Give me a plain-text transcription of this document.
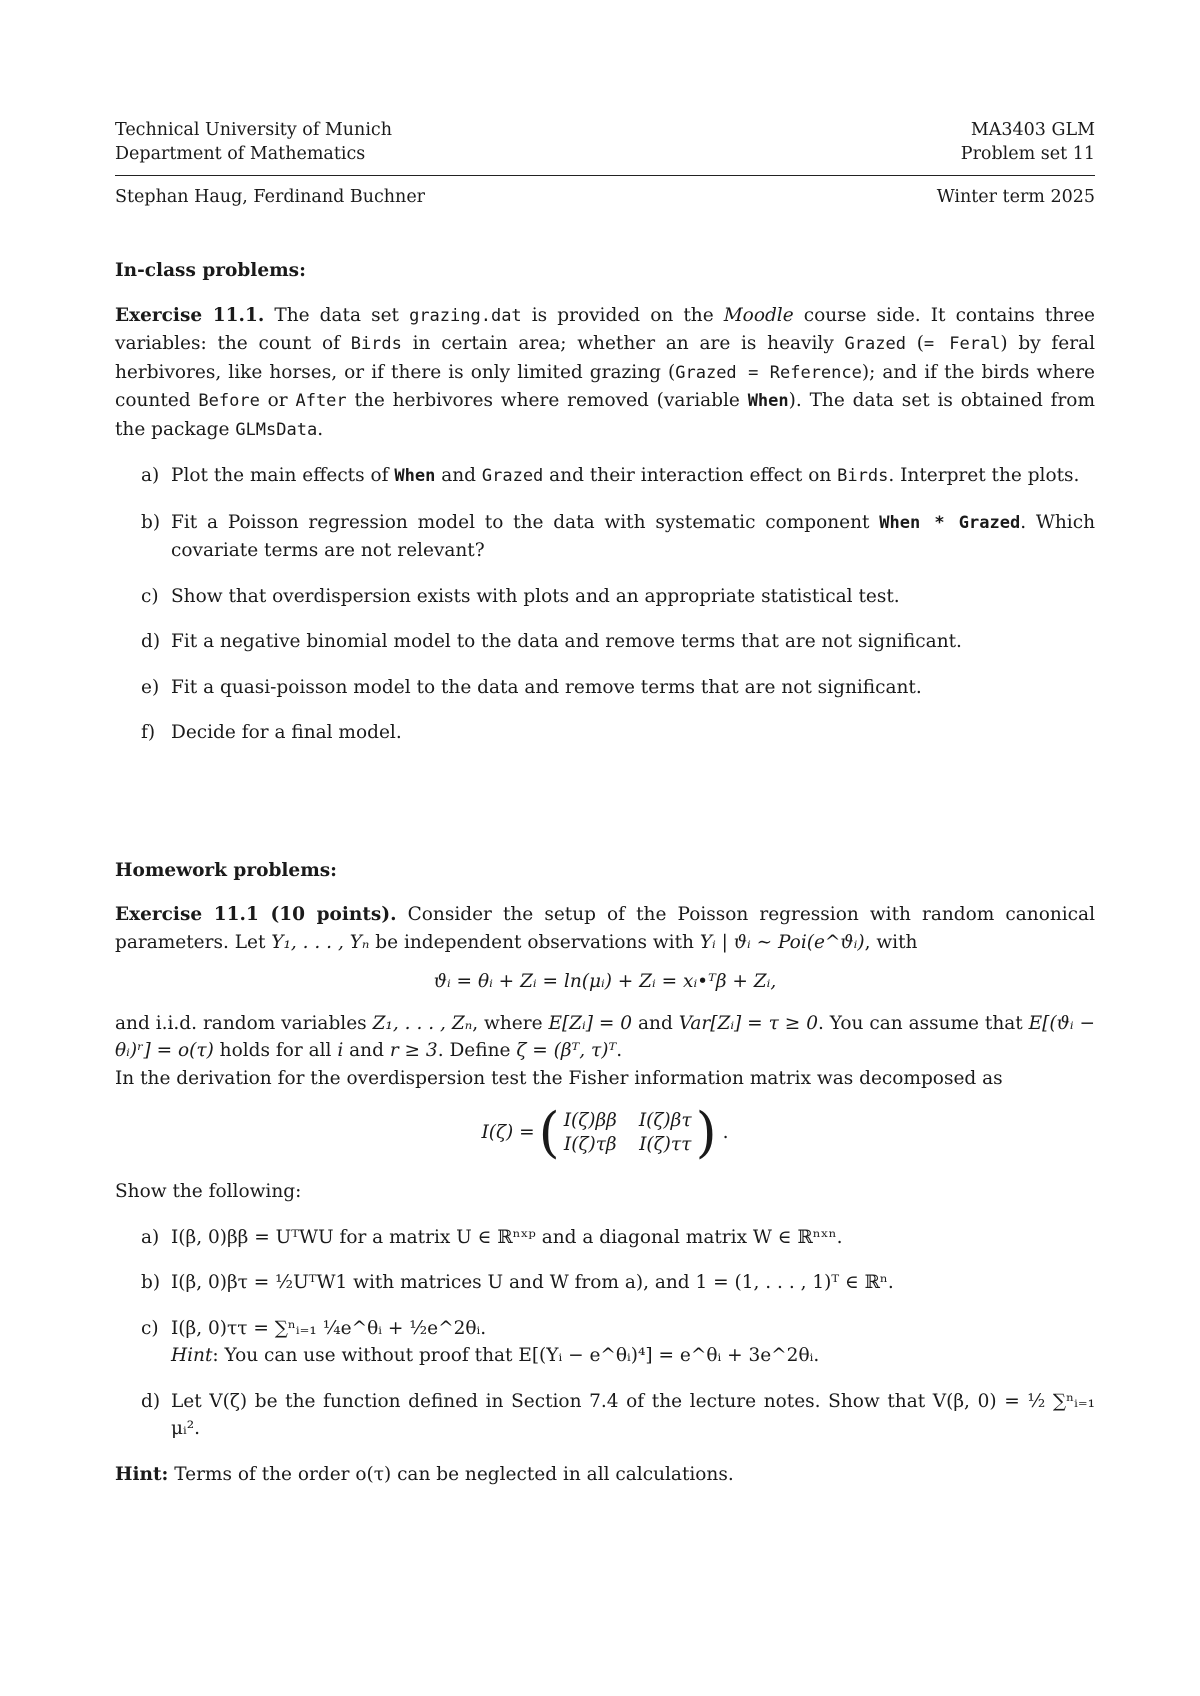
Technical University of Munich	MA3403 GLM
Department of Mathematics	Problem set 11
Stephan Haug, Ferdinand Buchner	Winter term 2025

In-class problems:

Exercise 11.1. The data set grazing.dat is provided on the Moodle course side. It contains three variables: the count of Birds in certain area; whether an are is heavily Grazed (= Feral) by feral herbivores, like horses, or if there is only limited grazing (Grazed = Reference); and if the birds where counted Before or After the herbivores where removed (variable When). The data set is obtained from the package GLMsData.

a) Plot the main effects of When and Grazed and their interaction effect on Birds. Interpret the plots.
b) Fit a Poisson regression model to the data with systematic component When * Grazed. Which covariate terms are not relevant?
c) Show that overdispersion exists with plots and an appropriate statistical test.
d) Fit a negative binomial model to the data and remove terms that are not significant.
e) Fit a quasi-poisson model to the data and remove terms that are not significant.
f) Decide for a final model.

Homework problems:

Exercise 11.1 (10 points). Consider the setup of the Poisson regression with random canonical parameters. Let Y₁, . . . , Yₙ be independent observations with Yᵢ | ϑᵢ ∼ Poi(e^ϑᵢ), with

ϑᵢ = θᵢ + Zᵢ = ln(μᵢ) + Zᵢ = xᵢ•ᵀβ + Zᵢ,

and i.i.d. random variables Z₁, . . . , Zₙ, where E[Zᵢ] = 0 and Var[Zᵢ] = τ ≥ 0. You can assume that E[(ϑᵢ − θᵢ)ʳ] = o(τ) holds for all i and r ≥ 3. Define ζ = (βᵀ, τ)ᵀ.

In the derivation for the overdispersion test the Fisher information matrix was decomposed as

I(ζ) = ( I(ζ)ββ I(ζ)βτ
I(ζ)τβ I(ζ)ττ ) .

Show the following:

a) I(β, 0)ββ = UᵀWU for a matrix U ∈ ℝⁿˣᵖ and a diagonal matrix W ∈ ℝⁿˣⁿ.
b) I(β, 0)βτ = ½UᵀW1 with matrices U and W from a), and 1 = (1, . . . , 1)ᵀ ∈ ℝⁿ.
c) I(β, 0)ττ = ∑ⁿᵢ₌₁ ¼e^θᵢ + ½e^2θᵢ.
Hint: You can use without proof that E[(Yᵢ − e^θᵢ)⁴] = e^θᵢ + 3e^2θᵢ.
d) Let V(ζ) be the function defined in Section 7.4 of the lecture notes. Show that V(β, 0) = ½ ∑ⁿᵢ₌₁ μᵢ².

Hint: Terms of the order o(τ) can be neglected in all calculations.
